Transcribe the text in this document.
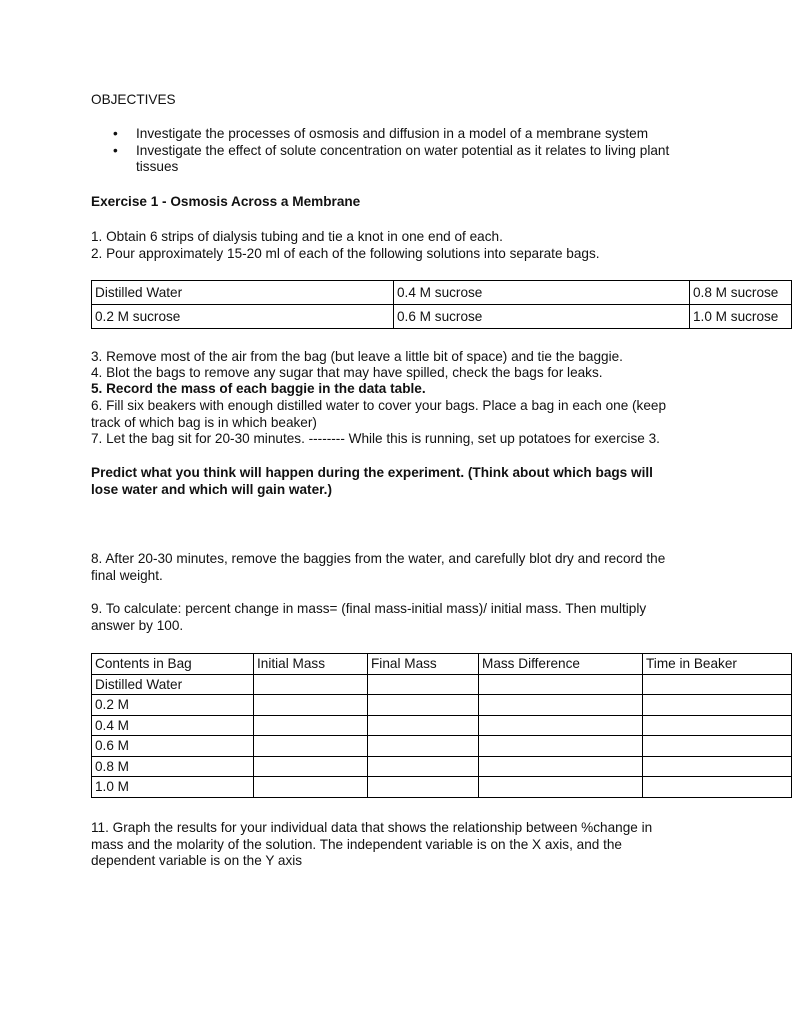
OBJECTIVES

• Investigate the processes of osmosis and diffusion in a model of a membrane system
• Investigate the effect of solute concentration on water potential as it relates to living plant tissues

Exercise 1 - Osmosis Across a Membrane

1. Obtain 6 strips of dialysis tubing and tie a knot in one end of each.

2. Pour approximately 15-20 ml of each of the following solutions into separate bags.

Distilled Water	0.4 M sucrose	0.8 M sucrose
0.2 M sucrose	0.6 M sucrose	1.0 M sucrose

3. Remove most of the air from the bag (but leave a little bit of space) and tie the baggie.

4. Blot the bags to remove any sugar that may have spilled, check the bags for leaks.

5. Record the mass of each baggie in the data table.

6. Fill six beakers with enough distilled water to cover your bags. Place a bag in each one (keep track of which bag is in which beaker)

7. Let the bag sit for 20-30 minutes. -------- While this is running, set up potatoes for exercise 3.

Predict what you think will happen during the experiment. (Think about which bags will lose water and which will gain water.)

8. After 20-30 minutes, remove the baggies from the water, and carefully blot dry and record the final weight.

9. To calculate: percent change in mass= (final mass-initial mass)/ initial mass. Then multiply answer by 100.

Contents in Bag	Initial Mass	Final Mass	Mass Difference	Time in Beaker
Distilled Water				
0.2 M				
0.4 M				
0.6 M				
0.8 M				
1.0 M				

11. Graph the results for your individual data that shows the relationship between %change in mass and the molarity of the solution. The independent variable is on the X axis, and the dependent variable is on the Y axis
